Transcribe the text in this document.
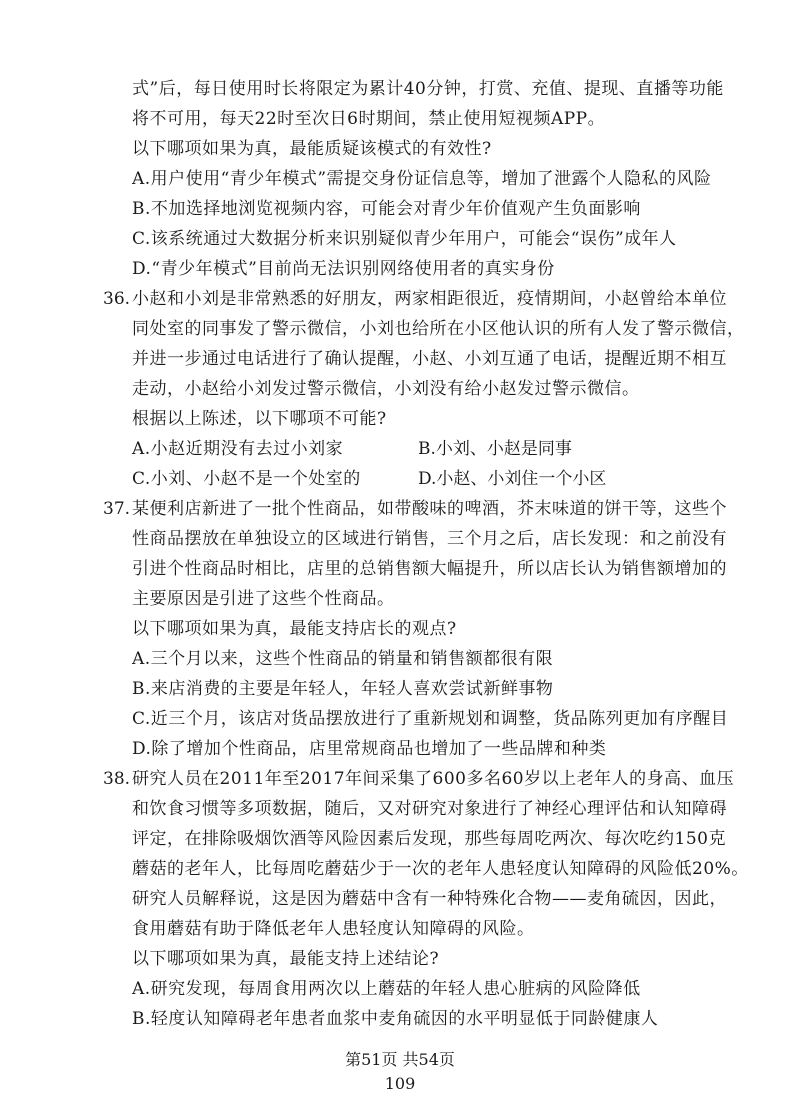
式”后，每日使用时长将限定为累计40分钟，打赏、充值、提现、直播等功能
将不可用，每天22时至次日6时期间，禁止使用短视频APP。
以下哪项如果为真，最能质疑该模式的有效性?
A.用户使用“青少年模式”需提交身份证信息等，增加了泄露个人隐私的风险
B.不加选择地浏览视频内容，可能会对青少年价值观产生负面影响
C.该系统通过大数据分析来识别疑似青少年用户，可能会“误伤”成年人
D.“青少年模式”目前尚无法识别网络使用者的真实身份
36. 小赵和小刘是非常熟悉的好朋友，两家相距很近，疫情期间，小赵曾给本单位
同处室的同事发了警示微信，小刘也给所在小区他认识的所有人发了警示微信，
并进一步通过电话进行了确认提醒，小赵、小刘互通了电话，提醒近期不相互
走动，小赵给小刘发过警示微信，小刘没有给小赵发过警示微信。
根据以上陈述，以下哪项不可能?
A.小赵近期没有去过小刘家	B.小刘、小赵是同事
C.小刘、小赵不是一个处室的	D.小赵、小刘住一个小区
37. 某便利店新进了一批个性商品，如带酸味的啤酒，芥末味道的饼干等，这些个
性商品摆放在单独设立的区域进行销售，三个月之后，店长发现：和之前没有
引进个性商品时相比，店里的总销售额大幅提升，所以店长认为销售额增加的
主要原因是引进了这些个性商品。
以下哪项如果为真，最能支持店长的观点?
A.三个月以来，这些个性商品的销量和销售额都很有限
B.来店消费的主要是年轻人，年轻人喜欢尝试新鲜事物
C.近三个月，该店对货品摆放进行了重新规划和调整，货品陈列更加有序醒目
D.除了增加个性商品，店里常规商品也增加了一些品牌和种类
38. 研究人员在2011年至2017年间采集了600多名60岁以上老年人的身高、血压
和饮食习惯等多项数据，随后，又对研究对象进行了神经心理评估和认知障碍
评定，在排除吸烟饮酒等风险因素后发现，那些每周吃两次、每次吃约150克
蘑菇的老年人，比每周吃蘑菇少于一次的老年人患轻度认知障碍的风险低20%。
研究人员解释说，这是因为蘑菇中含有一种特殊化合物——麦角硫因，因此，
食用蘑菇有助于降低老年人患轻度认知障碍的风险。
以下哪项如果为真，最能支持上述结论?
A.研究发现，每周食用两次以上蘑菇的年轻人患心脏病的风险降低
B.轻度认知障碍老年患者血浆中麦角硫因的水平明显低于同龄健康人
第51页 共54页
109
